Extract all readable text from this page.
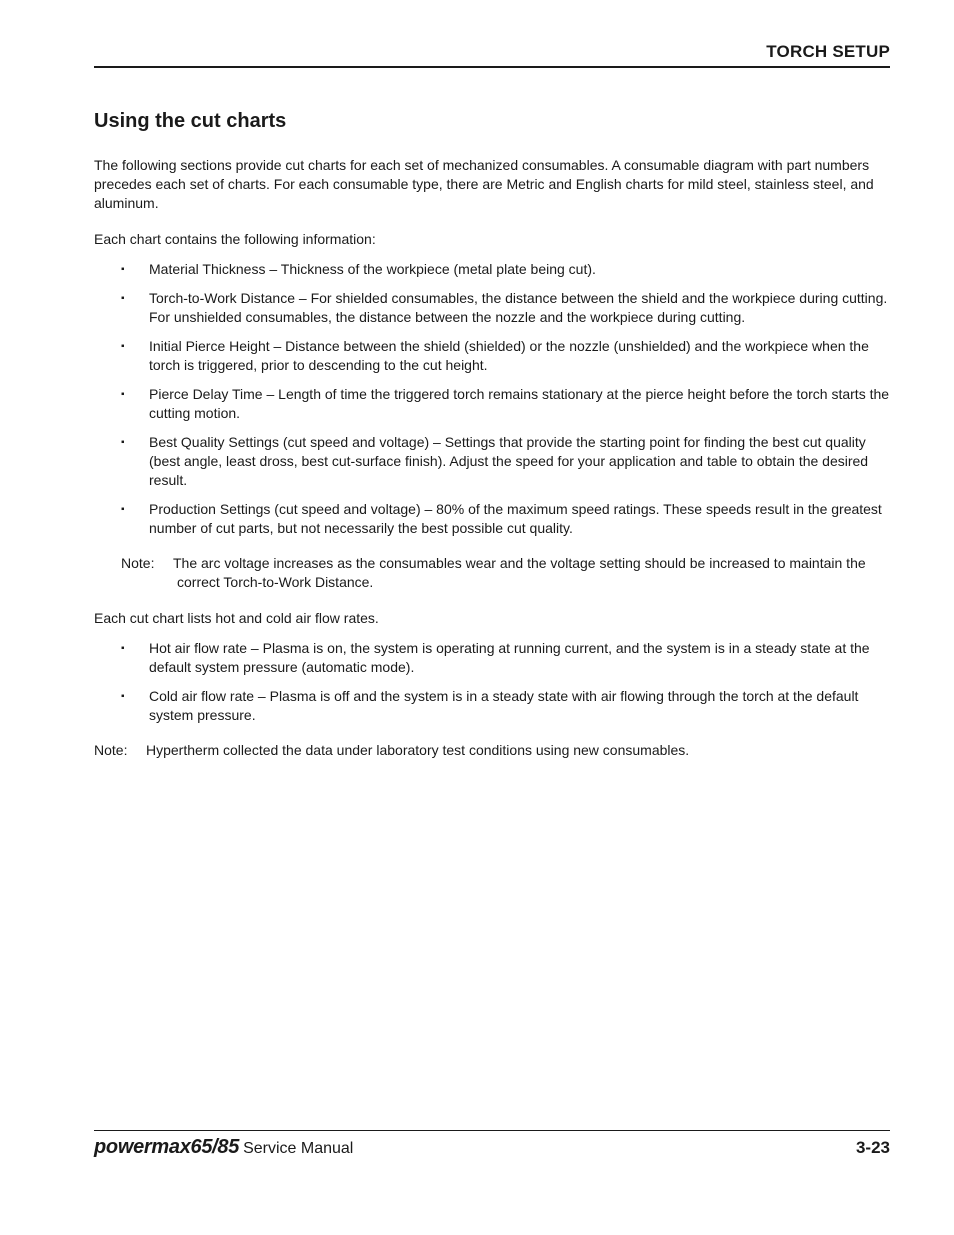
TORCH SETUP
Using the cut charts

The following sections provide cut charts for each set of mechanized consumables. A consumable diagram with part numbers precedes each set of charts. For each consumable type, there are Metric and English charts for mild steel, stainless steel, and aluminum.

Each chart contains the following information:

▪ Material Thickness – Thickness of the workpiece (metal plate being cut).
▪ Torch-to-Work Distance – For shielded consumables, the distance between the shield and the workpiece during cutting. For unshielded consumables, the distance between the nozzle and the workpiece during cutting.
▪ Initial Pierce Height – Distance between the shield (shielded) or the nozzle (unshielded) and the workpiece when the torch is triggered, prior to descending to the cut height.
▪ Pierce Delay Time – Length of time the triggered torch remains stationary at the pierce height before the torch starts the cutting motion.
▪ Best Quality Settings (cut speed and voltage) – Settings that provide the starting point for finding the best cut quality (best angle, least dross, best cut-surface finish). Adjust the speed for your application and table to obtain the desired result.
▪ Production Settings (cut speed and voltage) – 80% of the maximum speed ratings. These speeds result in the greatest number of cut parts, but not necessarily the best possible cut quality.
Note: The arc voltage increases as the consumables wear and the voltage setting should be increased to maintain the correct Torch-to-Work Distance.

Each cut chart lists hot and cold air flow rates.

▪ Hot air flow rate – Plasma is on, the system is operating at running current, and the system is in a steady state at the default system pressure (automatic mode).
▪ Cold air flow rate – Plasma is off and the system is in a steady state with air flowing through the torch at the default system pressure.
Note: Hypertherm collected the data under laboratory test conditions using new consumables.
powermax65/85 Service Manual	3-23
